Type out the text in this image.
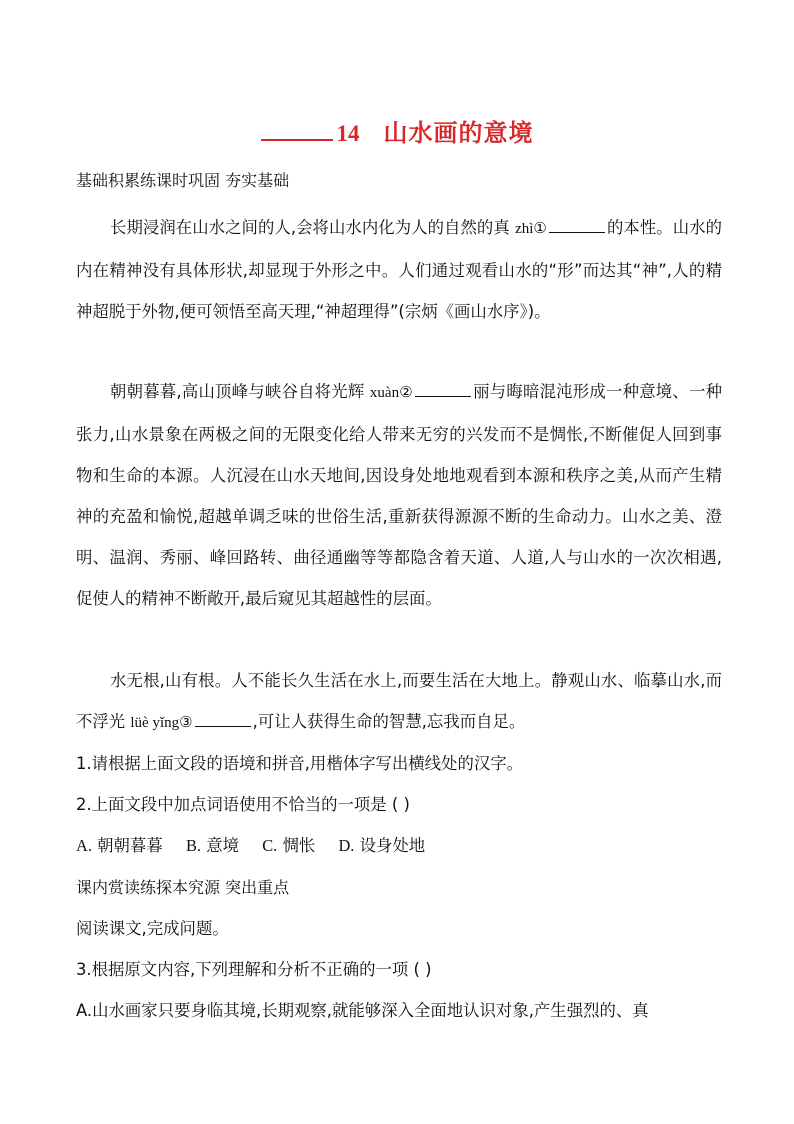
14 山水画的意境
基础积累练课时巩固 夯实基础
长期浸润在山水之间的人,会将山水内化为人的自然的真 zhì①	的本性。山水的内在精神没有具体形状,却显现于外形之中。人们通过观看山水的“形”而达其“神”,人的精神超脱于外物,便可领悟至高天理,“神超理得”(宗炳《画山水序》)。
朝朝暮暮,高山顶峰与峡谷自将光辉 xuàn②	丽与晦暗混沌形成一种意境、一种张力,山水景象在两极之间的无限变化给人带来无穷的兴发而不是惆怅,不断催促人回到事物和生命的本源。人沉浸在山水天地间,因设身处地地观看到本源和秩序之美,从而产生精神的充盈和愉悦,超越单调乏味的世俗生活,重新获得源源不断的生命动力。山水之美、澄明、温润、秀丽、峰回路转、曲径通幽等等都隐含着天道、人道,人与山水的一次次相遇,促使人的精神不断敞开,最后窥见其超越性的层面。
水无根,山有根。人不能长久生活在水上,而要生活在大地上。静观山水、临摹山水,而不浮光 lüè yǐng③	,可让人获得生命的智慧,忘我而自足。
1.请根据上面文段的语境和拼音,用楷体字写出横线处的汉字。
2.上面文段中加点词语使用不恰当的一项是 ( )
A. 朝朝暮暮 B. 意境 C. 惆怅 D. 设身处地
课内赏读练探本究源 突出重点
阅读课文,完成问题。
3.根据原文内容,下列理解和分析不正确的一项 ( )
A.山水画家只要身临其境,长期观察,就能够深入全面地认识对象,产生强烈的、真
